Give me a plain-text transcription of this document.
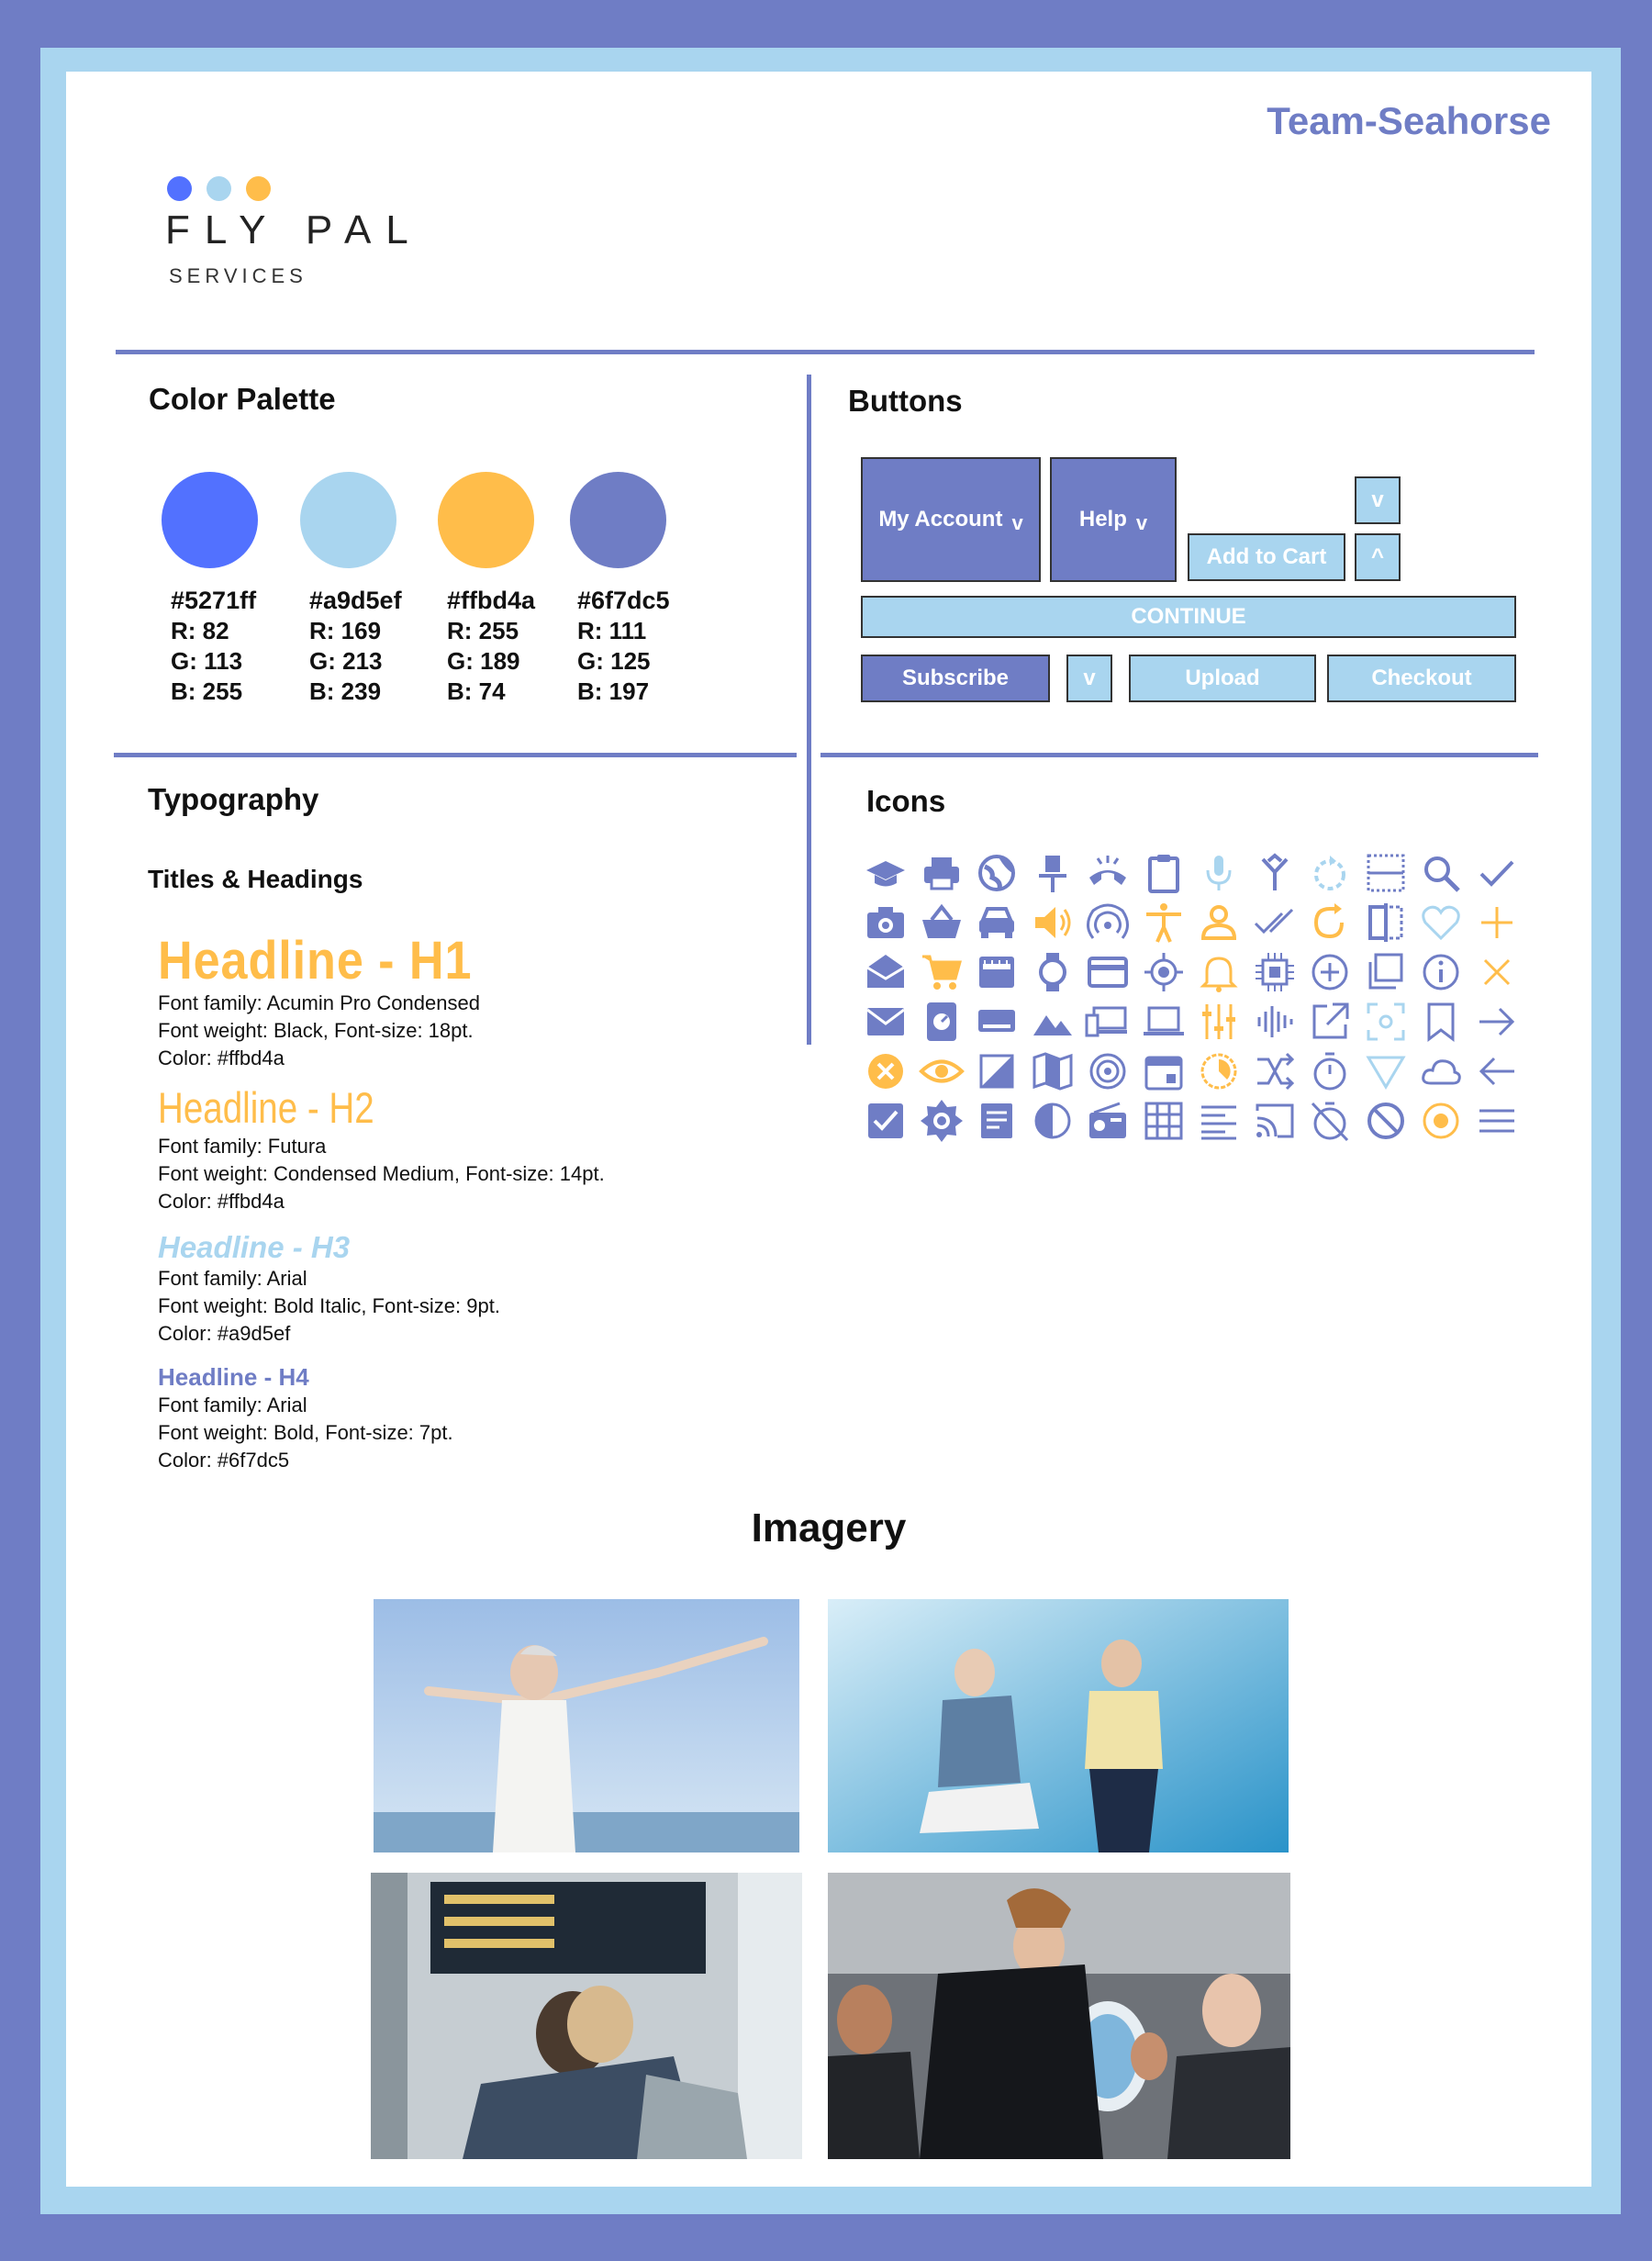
Team-Seahorse
FLY PAL
SERVICES
Color Palette
#5271ff
R: 82
G: 113
B: 255
#a9d5ef
R: 169
G: 213
B: 239
#ffbd4a
R: 255
G: 189
B: 74
#6f7dc5
R: 111
G: 125
B: 197
Buttons
My Account v	Help v
Add to Cart
v
^
CONTINUE
Subscribe	v	Upload	Checkout
Typography
Titles & Headings
Headline - H1
Font family: Acumin Pro Condensed
Font weight: Black, Font-size: 18pt.
Color: #ffbd4a
Headline - H2
Font family: Futura
Font weight: Condensed Medium, Font-size: 14pt.
Color: #ffbd4a
Headline - H3
Font family: Arial
Font weight: Bold Italic, Font-size: 9pt.
Color: #a9d5ef
Headline - H4
Font family: Arial
Font weight: Bold, Font-size: 7pt.
Color: #6f7dc5
Icons
Imagery
